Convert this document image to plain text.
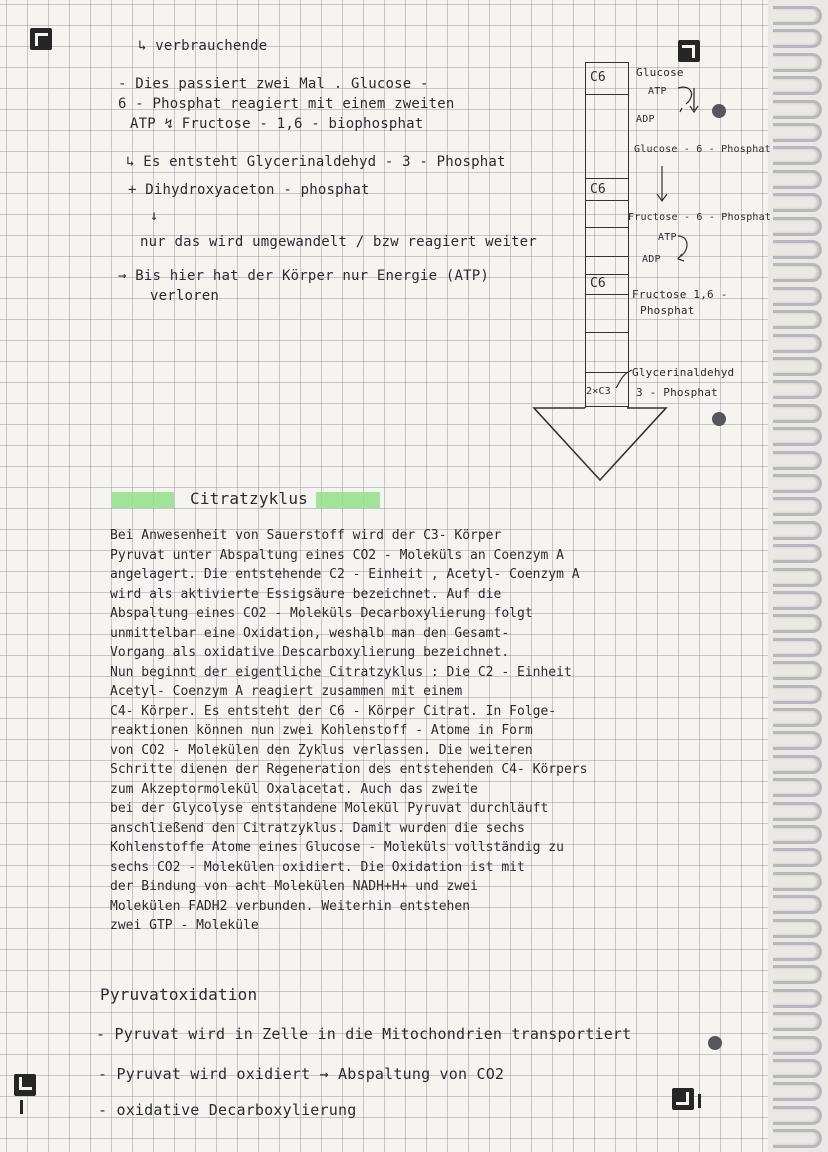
↳ verbrauchende
- Dies passiert zwei Mal . Glucose -
6 - Phosphat reagiert mit einem zweiten
ATP ↯ Fructose - 1,6 - biophosphat
↳ Es entsteht Glycerinaldehyd - 3 - Phosphat
+ Dihydroxyaceton - phosphat
↓
nur das wird umgewandelt / bzw reagiert weiter
→ Bis hier hat der Körper nur Energie (ATP)
verloren
C6
C6
C6
2×C3
Glucose
ATP
ADP
Glucose - 6 - Phosphat
Fructose - 6 - Phosphat
ATP
ADP
Fructose 1,6 -
Phosphat
Glycerinaldehyd
3 - Phosphat
Citratzyklus
Bei Anwesenheit von Sauerstoff wird der C3- Körper
Pyruvat unter Abspaltung eines CO2 - Moleküls an Coenzym A
angelagert. Die entstehende C2 - Einheit , Acetyl- Coenzym A
wird als aktivierte Essigsäure bezeichnet. Auf die
Abspaltung eines CO2 - Moleküls Decarboxylierung folgt
unmittelbar eine Oxidation, weshalb man den Gesamt-
Vorgang als oxidative Descarboxylierung bezeichnet.
Nun beginnt der eigentliche Citratzyklus : Die C2 - Einheit
Acetyl- Coenzym A reagiert zusammen mit einem
C4- Körper. Es entsteht der C6 - Körper Citrat. In Folge-
reaktionen können nun zwei Kohlenstoff - Atome in Form
von CO2 - Molekülen den Zyklus verlassen. Die weiteren
Schritte dienen der Regeneration des entstehenden C4- Körpers
zum Akzeptormolekül Oxalacetat. Auch das zweite
bei der Glycolyse entstandene Molekül Pyruvat durchläuft
anschließend den Citratzyklus. Damit wurden die sechs
Kohlenstoffe Atome eines Glucose - Moleküls vollständig zu
sechs CO2 - Molekülen oxidiert. Die Oxidation ist mit
der Bindung von acht Molekülen NADH+H+ und zwei
Molekülen FADH2 verbunden. Weiterhin entstehen
zwei GTP - Moleküle
Pyruvatoxidation
- Pyruvat wird in Zelle in die Mitochondrien transportiert
- Pyruvat wird oxidiert → Abspaltung von CO2
- oxidative Decarboxylierung
